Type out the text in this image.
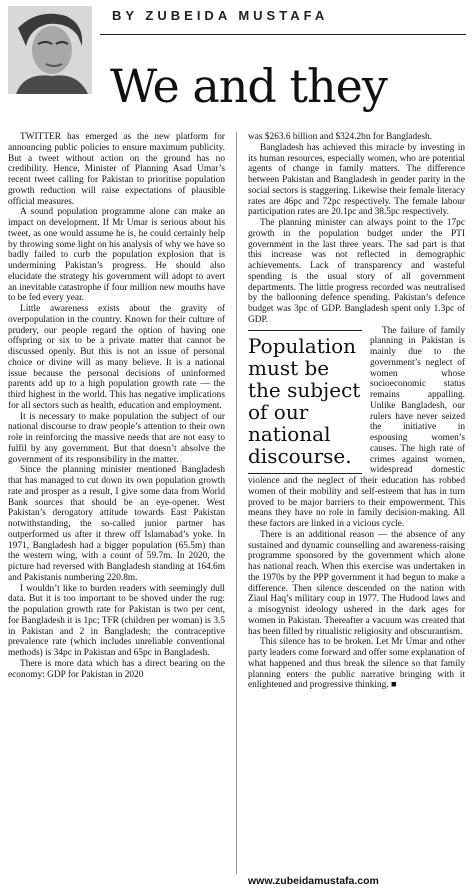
BY ZUBEIDA MUSTAFA
We and they

TWITTER has emerged as the new platform for announcing public policies to ensure maximum publicity. But a tweet without action on the ground has no credibility. Hence, Minister of Planning Asad Umar’s recent tweet calling for Pakistan to prioritise population growth reduction will raise expectations of plausible official measures.

A sound population programme alone can make an impact on development. If Mr Umar is serious about his tweet, as one would assume he is, he could certainly help by throwing some light on his analysis of why we have so badly failed to curb the population explosion that is undermining Pakistan’s progress. He should also elucidate the strategy his government will adopt to avert an inevitable catastrophe if four million new mouths have to be fed every year.

Little awareness exists about the gravity of overpopulation in the country. Known for their culture of prudery, our people regard the option of having one offspring or six to be a private matter that cannot be discussed openly. But this is not an issue of personal choice or divine will as many believe. It is a national issue because the personal decisions of uninformed parents add up to a high population growth rate — the third highest in the world. This has negative implications for all sectors such as health, education and employment.

It is necessary to make population the subject of our national discourse to draw people’s attention to their own role in reinforcing the massive needs that are not easy to fulfil by any government. But that doesn’t absolve the government of its responsibility in the matter.

Since the planning minister mentioned Bangladesh that has managed to cut down its own population growth rate and prosper as a result, I give some data from World Bank sources that should be an eye-opener. West Pakistan’s derogatory attitude towards East Pakistan notwithstanding, the so-called junior partner has outperformed us after it threw off Islamabad’s yoke. In 1971, Bangladesh had a bigger population (65.5m) than the western wing, with a count of 59.7m. In 2020, the picture had reversed with Bangladesh standing at 164.6m and Pakistanis numbering 220.8m.

I wouldn’t like to burden readers with seemingly dull data. But it is too important to be shoved under the rug: the population growth rate for Pakistan is two per cent, for Bangladesh it is 1pc; TFR (children per woman) is 3.5 in Pakistan and 2 in Bangladesh; the contraceptive prevalence rate (which includes unreliable conventional methods) is 34pc in Pakistan and 65pc in Bangladesh.

There is more data which has a direct bearing on the economy: GDP for Pakistan in 2020

was $263.6 billion and $324.2bn for Bangladesh.

Bangladesh has achieved this miracle by investing in its human resources, especially women, who are potential agents of change in family matters. The difference between Pakistan and Bangladesh in gender parity in the social sectors is staggering. Likewise their female literacy rates are 46pc and 72pc respectively. The female labour participation rates are 20.1pc and 38.5pc respectively.

The planning minister can always point to the 17pc growth in the population budget under the PTI government in the last three years. The sad part is that this increase was not reflected in demographic achievements. Lack of transparency and wasteful spending is the usual story of all government departments. The little progress recorded was neutralised by the ballooning defence spending. Pakistan’s defence budget was 3pc of GDP. Bangladesh spent only 1.3pc of GDP.

Population must be the subject of our national discourse.

The failure of family planning in Pakistan is mainly due to the government’s neglect of women whose socioeconomic status remains appalling. Unlike Bangladesh, our rulers have never seized the initiative in espousing women’s causes. The high rate of crimes against women, widespread domestic violence and the neglect of their education has robbed women of their mobility and self-esteem that has in turn proved to be major barriers to their empowerment. This means they have no role in family decision-making. All these factors are linked in a vicious cycle.

There is an additional reason — the absence of any sustained and dynamic counselling and awareness-raising programme sponsored by the government which alone has national reach. When this exercise was undertaken in the 1970s by the PPP government it had begun to make a difference. Then silence descended on the nation with Ziaul Haq’s military coup in 1977. The Hudood laws and a misogynist ideology ushered in the dark ages for women in Pakistan. Thereafter a vacuum was created that has been filled by ritualistic religiosity and obscurantism.

This silence has to be broken. Let Mr Umar and other party leaders come forward and offer some explanation of what happened and thus break the silence so that family planning enters the public narrative bringing with it enlightened and progressive thinking. ■

www.zubeidamustafa.com
